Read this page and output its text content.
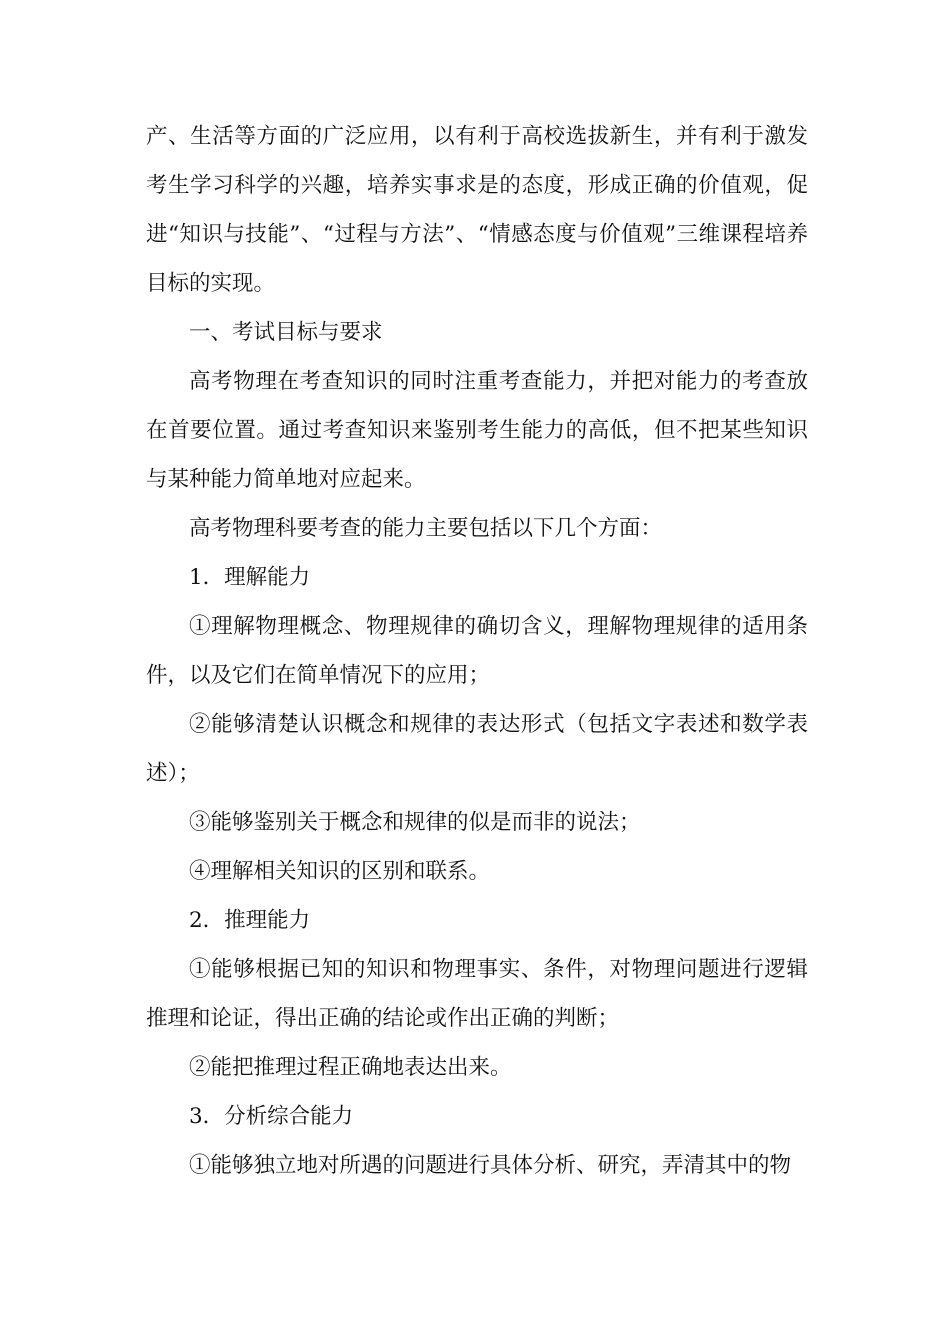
产、生活等方面的广泛应用，以有利于高校选拔新生，并有利于激发考生学习科学的兴趣，培养实事求是的态度，形成正确的价值观，促进“知识与技能”、“过程与方法”、“情感态度与价值观”三维课程培养目标的实现。

一、考试目标与要求

高考物理在考查知识的同时注重考查能力，并把对能力的考查放在首要位置。通过考查知识来鉴别考生能力的高低，但不把某些知识与某种能力简单地对应起来。

高考物理科要考查的能力主要包括以下几个方面：

1．理解能力

①理解物理概念、物理规律的确切含义，理解物理规律的适用条件，以及它们在简单情况下的应用；

②能够清楚认识概念和规律的表达形式（包括文字表述和数学表述）；

③能够鉴别关于概念和规律的似是而非的说法；

④理解相关知识的区别和联系。

2．推理能力

①能够根据已知的知识和物理事实、条件，对物理问题进行逻辑推理和论证，得出正确的结论或作出正确的判断；

②能把推理过程正确地表达出来。

3．分析综合能力

①能够独立地对所遇的问题进行具体分析、研究，弄清其中的物
